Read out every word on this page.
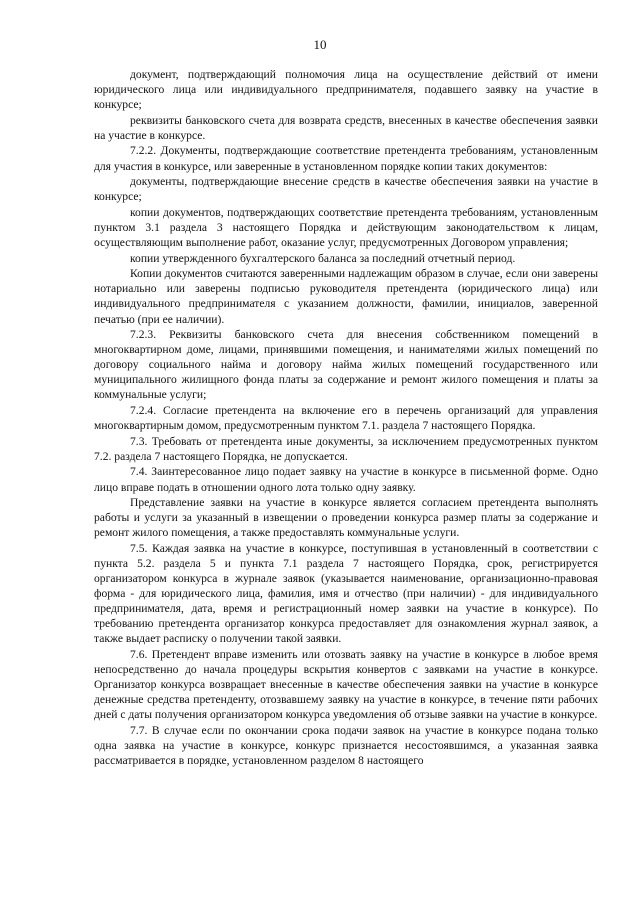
10

документ, подтверждающий полномочия лица на осуществление действий от имени юридического лица или индивидуального предпринимателя, подавшего заявку на участие в конкурсе;

реквизиты банковского счета для возврата средств, внесенных в качестве обеспечения заявки на участие в конкурсе.

7.2.2. Документы, подтверждающие соответствие претендента требованиям, установленным для участия в конкурсе, или заверенные в установленном порядке копии таких документов:

документы, подтверждающие внесение средств в качестве обеспечения заявки на участие в конкурсе;

копии документов, подтверждающих соответствие претендента требованиям, установленным пунктом 3.1 раздела 3 настоящего Порядка и действующим законодательством к лицам, осуществляющим выполнение работ, оказание услуг, предусмотренных Договором управления;

копии утвержденного бухгалтерского баланса за последний отчетный период.

Копии документов считаются заверенными надлежащим образом в случае, если они заверены нотариально или заверены подписью руководителя претендента (юридического лица) или индивидуального предпринимателя с указанием должности, фамилии, инициалов, заверенной печатью (при ее наличии).

7.2.3. Реквизиты банковского счета для внесения собственником помещений в многоквартирном доме, лицами, принявшими помещения, и нанимателями жилых помещений по договору социального найма и договору найма жилых помещений государственного или муниципального жилищного фонда платы за содержание и ремонт жилого помещения и платы за коммунальные услуги;

7.2.4. Согласие претендента на включение его в перечень организаций для управления многоквартирным домом, предусмотренным пунктом 7.1. раздела 7 настоящего Порядка.

7.3. Требовать от претендента иные документы, за исключением предусмотренных пунктом 7.2. раздела 7 настоящего Порядка, не допускается.

7.4. Заинтересованное лицо подает заявку на участие в конкурсе в письменной форме. Одно лицо вправе подать в отношении одного лота только одну заявку.

Представление заявки на участие в конкурсе является согласием претендента выполнять работы и услуги за указанный в извещении о проведении конкурса размер платы за содержание и ремонт жилого помещения, а также предоставлять коммунальные услуги.

7.5. Каждая заявка на участие в конкурсе, поступившая в установленный в соответствии с пункта 5.2. раздела 5 и пункта 7.1 раздела 7 настоящего Порядка, срок, регистрируется организатором конкурса в журнале заявок (указывается наименование, организационно-правовая форма - для юридического лица, фамилия, имя и отчество (при наличии) - для индивидуального предпринимателя, дата, время и регистрационный номер заявки на участие в конкурсе). По требованию претендента организатор конкурса предоставляет для ознакомления журнал заявок, а также выдает расписку о получении такой заявки.

7.6. Претендент вправе изменить или отозвать заявку на участие в конкурсе в любое время непосредственно до начала процедуры вскрытия конвертов с заявками на участие в конкурсе. Организатор конкурса возвращает внесенные в качестве обеспечения заявки на участие в конкурсе денежные средства претенденту, отозвавшему заявку на участие в конкурсе, в течение пяти рабочих дней с даты получения организатором конкурса уведомления об отзыве заявки на участие в конкурсе.

7.7. В случае если по окончании срока подачи заявок на участие в конкурсе подана только одна заявка на участие в конкурсе, конкурс признается несостоявшимся, а указанная заявка рассматривается в порядке, установленном разделом 8 настоящего
